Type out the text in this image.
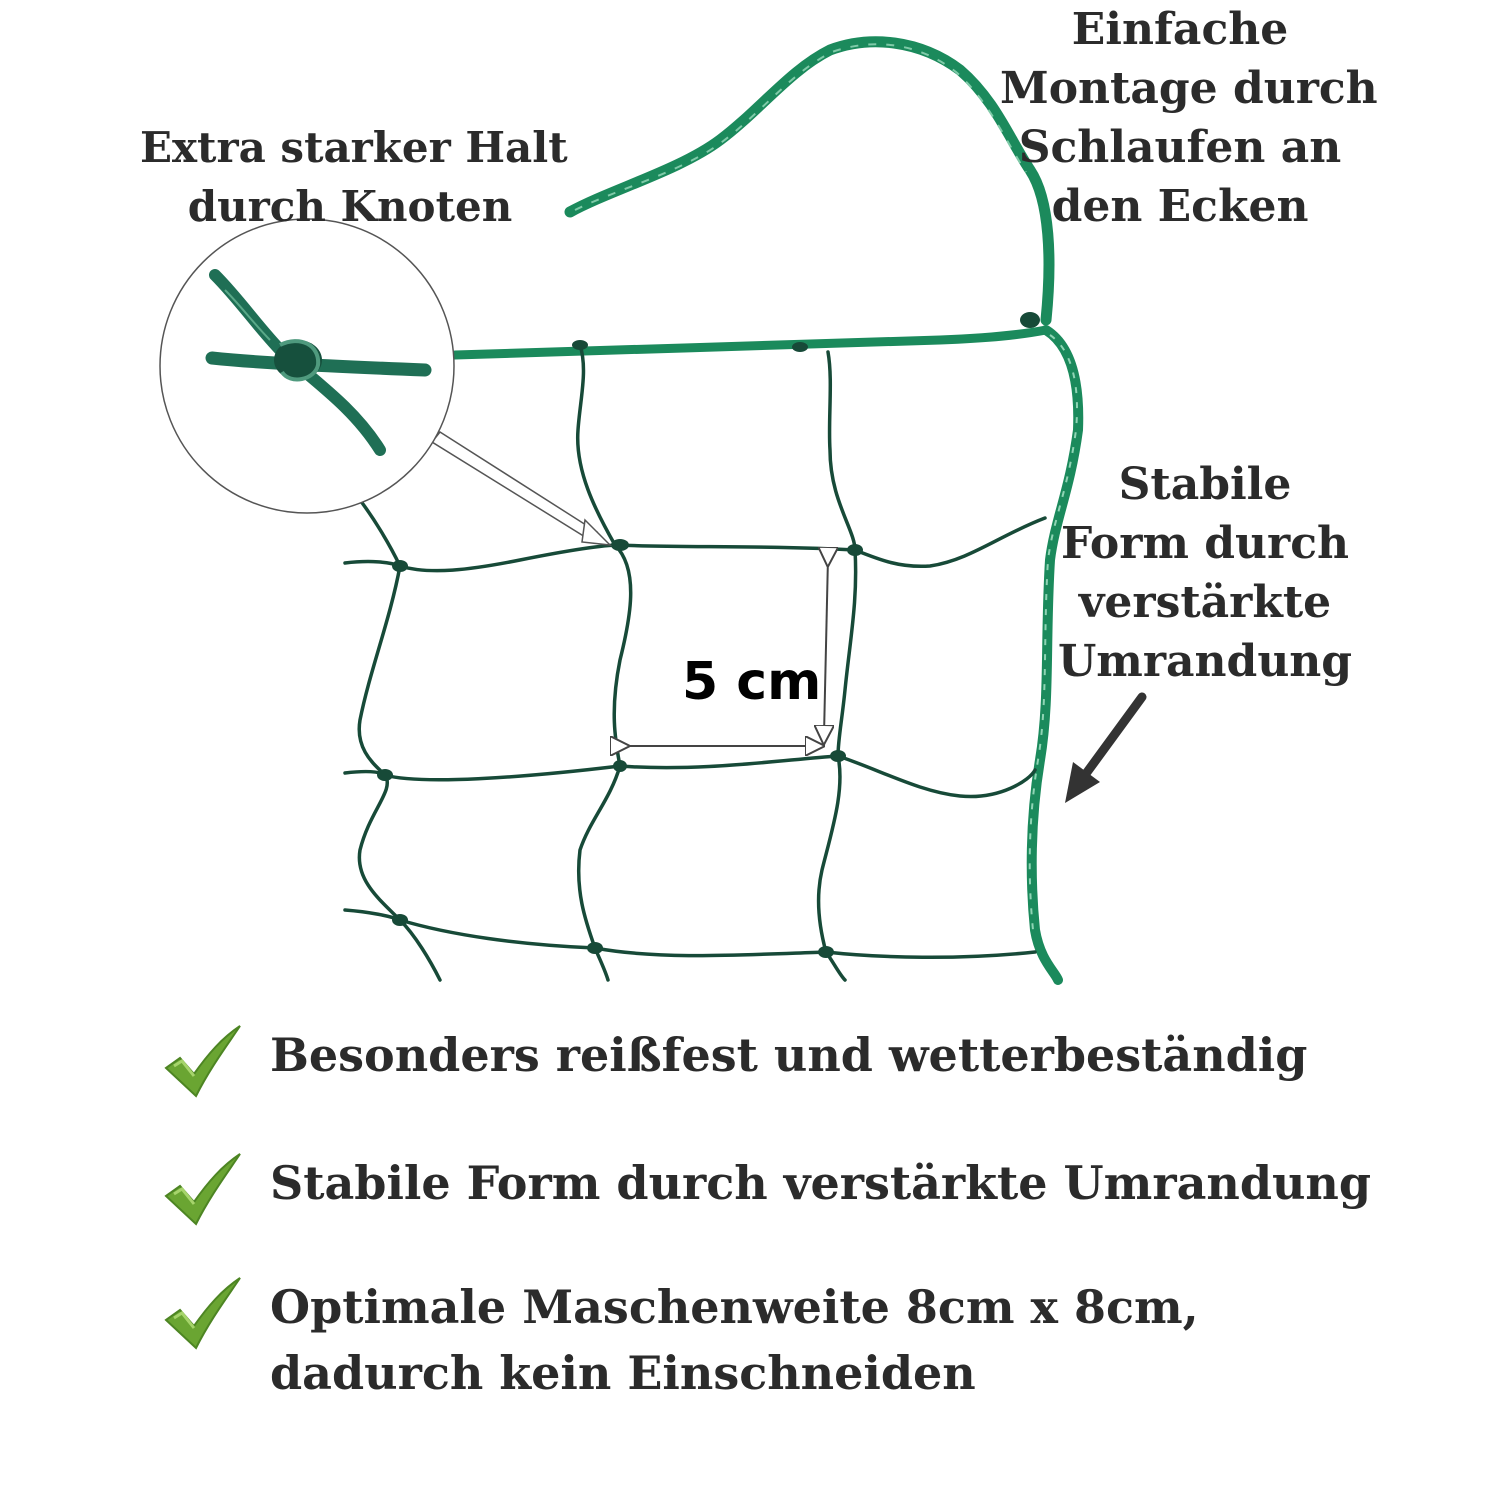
Extra starker Halt
durch Knoten
Einfache
Montage durch
Schlaufen an
den Ecken
Stabile
Form durch
verstärkte
Umrandung
5 cm
Besonders reißfest und wetterbeständig
Stabile Form durch verstärkte Umrandung
Optimale Maschenweite 8cm x 8cm,
dadurch kein Einschneiden
